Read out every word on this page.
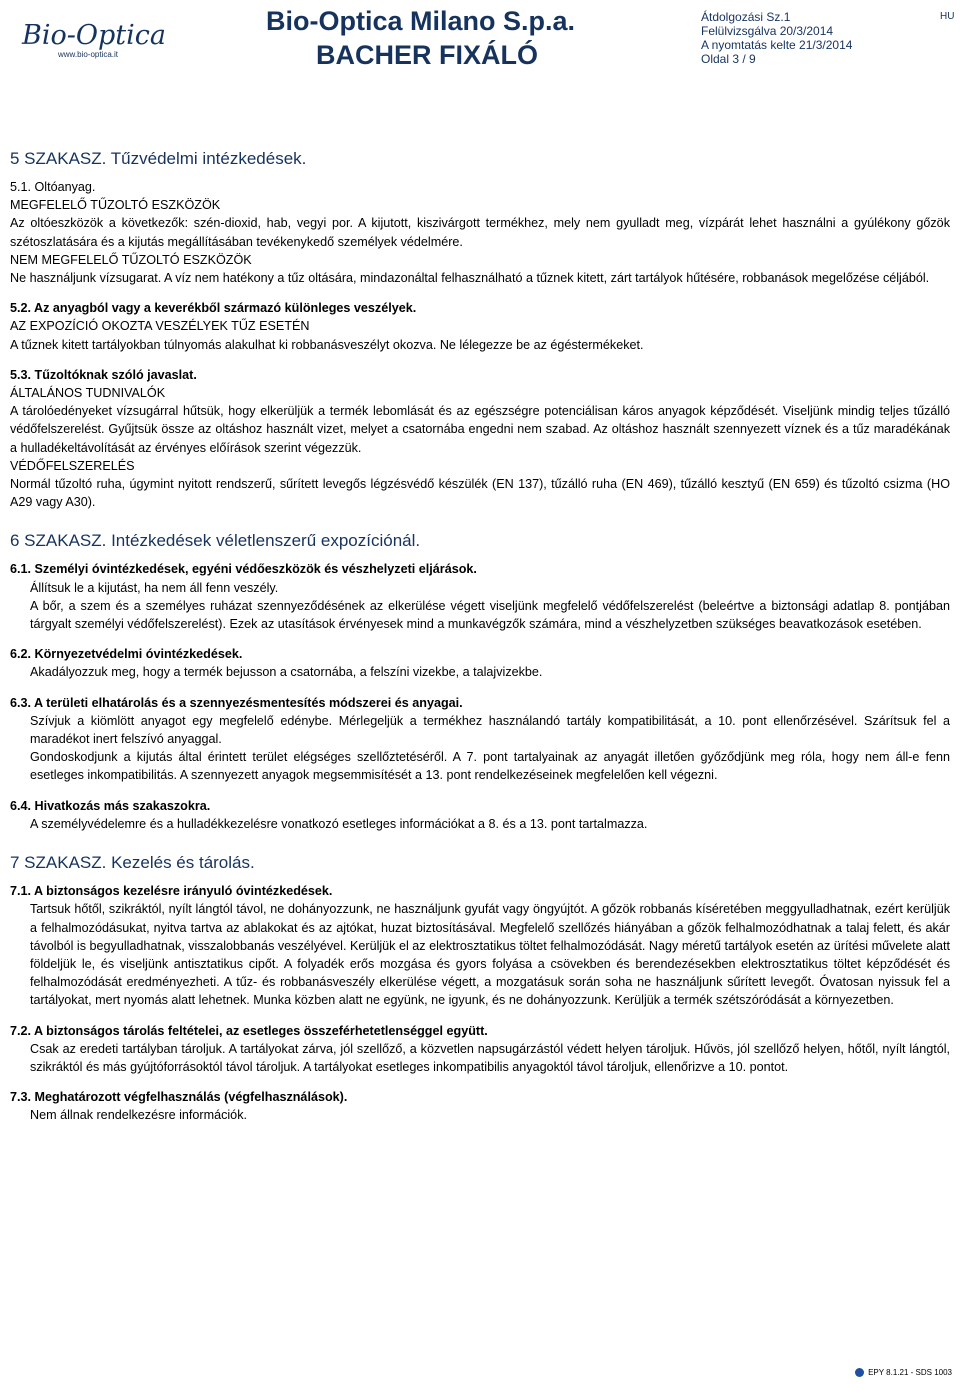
Bio-Optica
www.bio-optica.it
Bio-Optica Milano S.p.a.
BACHER FIXÁLÓ
Átdolgozási Sz.1
Felülvizsgálva 20/3/2014
A nyomtatás kelte 21/3/2014
Oldal 3 / 9
HU
5 SZAKASZ. Tűzvédelmi intézkedések.
5.1. Oltóanyag.

MEGFELELŐ TŰZOLTÓ ESZKÖZÖK

Az oltóeszközök a következők: szén-dioxid, hab, vegyi por. A kijutott, kiszivárgott termékhez, mely nem gyulladt meg, vízpárát lehet használni a gyúlékony gőzök szétoszlatására és a kijutás megállításában tevékenykedő személyek védelmére.

NEM MEGFELELŐ TŰZOLTÓ ESZKÖZÖK

Ne használjunk vízsugarat. A víz nem hatékony a tűz oltására, mindazonáltal felhasználható a tűznek kitett, zárt tartályok hűtésére, robbanások megelőzése céljából.

5.2. Az anyagból vagy a keverékből származó különleges veszélyek.

AZ EXPOZÍCIÓ OKOZTA VESZÉLYEK TŰZ ESETÉN

A tűznek kitett tartályokban túlnyomás alakulhat ki robbanásveszélyt okozva. Ne lélegezze be az égéstermékeket.

5.3. Tűzoltóknak szóló javaslat.

ÁLTALÁNOS TUDNIVALÓK

A tárolóedényeket vízsugárral hűtsük, hogy elkerüljük a termék lebomlását és az egészségre potenciálisan káros anyagok képződését. Viseljünk mindig teljes tűzálló védőfelszerelést. Gyűjtsük össze az oltáshoz használt vizet, melyet a csatornába engedni nem szabad. Az oltáshoz használt szennyezett víznek és a tűz maradékának a hulladékeltávolítását az érvényes előírások szerint végezzük.

VÉDŐFELSZERELÉS

Normál tűzoltó ruha, úgymint nyitott rendszerű, sűrített levegős légzésvédő készülék (EN 137), tűzálló ruha (EN 469), tűzálló kesztyű (EN 659) és tűzoltó csizma (HO A29 vagy A30).

6 SZAKASZ. Intézkedések véletlenszerű expozíciónál.
6.1. Személyi óvintézkedések, egyéni védőeszközök és vészhelyzeti eljárások.

Állítsuk le a kijutást, ha nem áll fenn veszély.

A bőr, a szem és a személyes ruházat szennyeződésének az elkerülése végett viseljünk megfelelő védőfelszerelést (beleértve a biztonsági adatlap 8. pontjában tárgyalt személyi védőfelszerelést). Ezek az utasítások érvényesek mind a munkavégzők számára, mind a vészhelyzetben szükséges beavatkozások esetében.

6.2. Környezetvédelmi óvintézkedések.

Akadályozzuk meg, hogy a termék bejusson a csatornába, a felszíni vizekbe, a talajvizekbe.

6.3. A területi elhatárolás és a szennyezésmentesítés módszerei és anyagai.

Szívjuk a kiömlött anyagot egy megfelelő edénybe. Mérlegeljük a termékhez használandó tartály kompatibilitását, a 10. pont ellenőrzésével. Szárítsuk fel a maradékot inert felszívó anyaggal.

Gondoskodjunk a kijutás által érintett terület elégséges szellőztetéséről. A 7. pont tartalyainak az anyagát illetően győződjünk meg róla, hogy nem áll-e fenn esetleges inkompatibilitás. A szennyezett anyagok megsemmisítését a 13. pont rendelkezéseinek megfelelően kell végezni.

6.4. Hivatkozás más szakaszokra.

A személyvédelemre és a hulladékkezelésre vonatkozó esetleges információkat a 8. és a 13. pont tartalmazza.

7 SZAKASZ. Kezelés és tárolás.
7.1. A biztonságos kezelésre irányuló óvintézkedések.

Tartsuk hőtől, szikráktól, nyílt lángtól távol, ne dohányozzunk, ne használjunk gyufát vagy öngyújtót. A gőzök robbanás kíséretében meggyulladhatnak, ezért kerüljük a felhalmozódásukat, nyitva tartva az ablakokat és az ajtókat, huzat biztosításával. Megfelelő szellőzés hiányában a gőzök felhalmozódhatnak a talaj felett, és akár távolból is begyulladhatnak, visszalobbanás veszélyével. Kerüljük el az elektrosztatikus töltet felhalmozódását. Nagy méretű tartályok esetén az ürítési művelete alatt földeljük le, és viseljünk antisztatikus cipőt. A folyadék erős mozgása és gyors folyása a csövekben és berendezésekben elektrosztatikus töltet képződését és felhalmozódását eredményezheti. A tűz- és robbanásveszély elkerülése végett, a mozgatásuk során soha ne használjunk sűrített levegőt. Óvatosan nyissuk fel a tartályokat, mert nyomás alatt lehetnek. Munka közben alatt ne együnk, ne igyunk, és ne dohányozzunk. Kerüljük a termék szétszóródását a környezetben.

7.2. A biztonságos tárolás feltételei, az esetleges összeférhetetlenséggel együtt.

Csak az eredeti tartályban tároljuk. A tartályokat zárva, jól szellőző, a közvetlen napsugárzástól védett helyen tároljuk. Hűvös, jól szellőző helyen, hőtől, nyílt lángtól, szikráktól és más gyújtóforrásoktól távol tároljuk. A tartályokat esetleges inkompatibilis anyagoktól távol tároljuk, ellenőrizve a 10. pontot.

7.3. Meghatározott végfelhasználás (végfelhasználások).

Nem állnak rendelkezésre információk.

EPY 8.1.21 - SDS 1003
